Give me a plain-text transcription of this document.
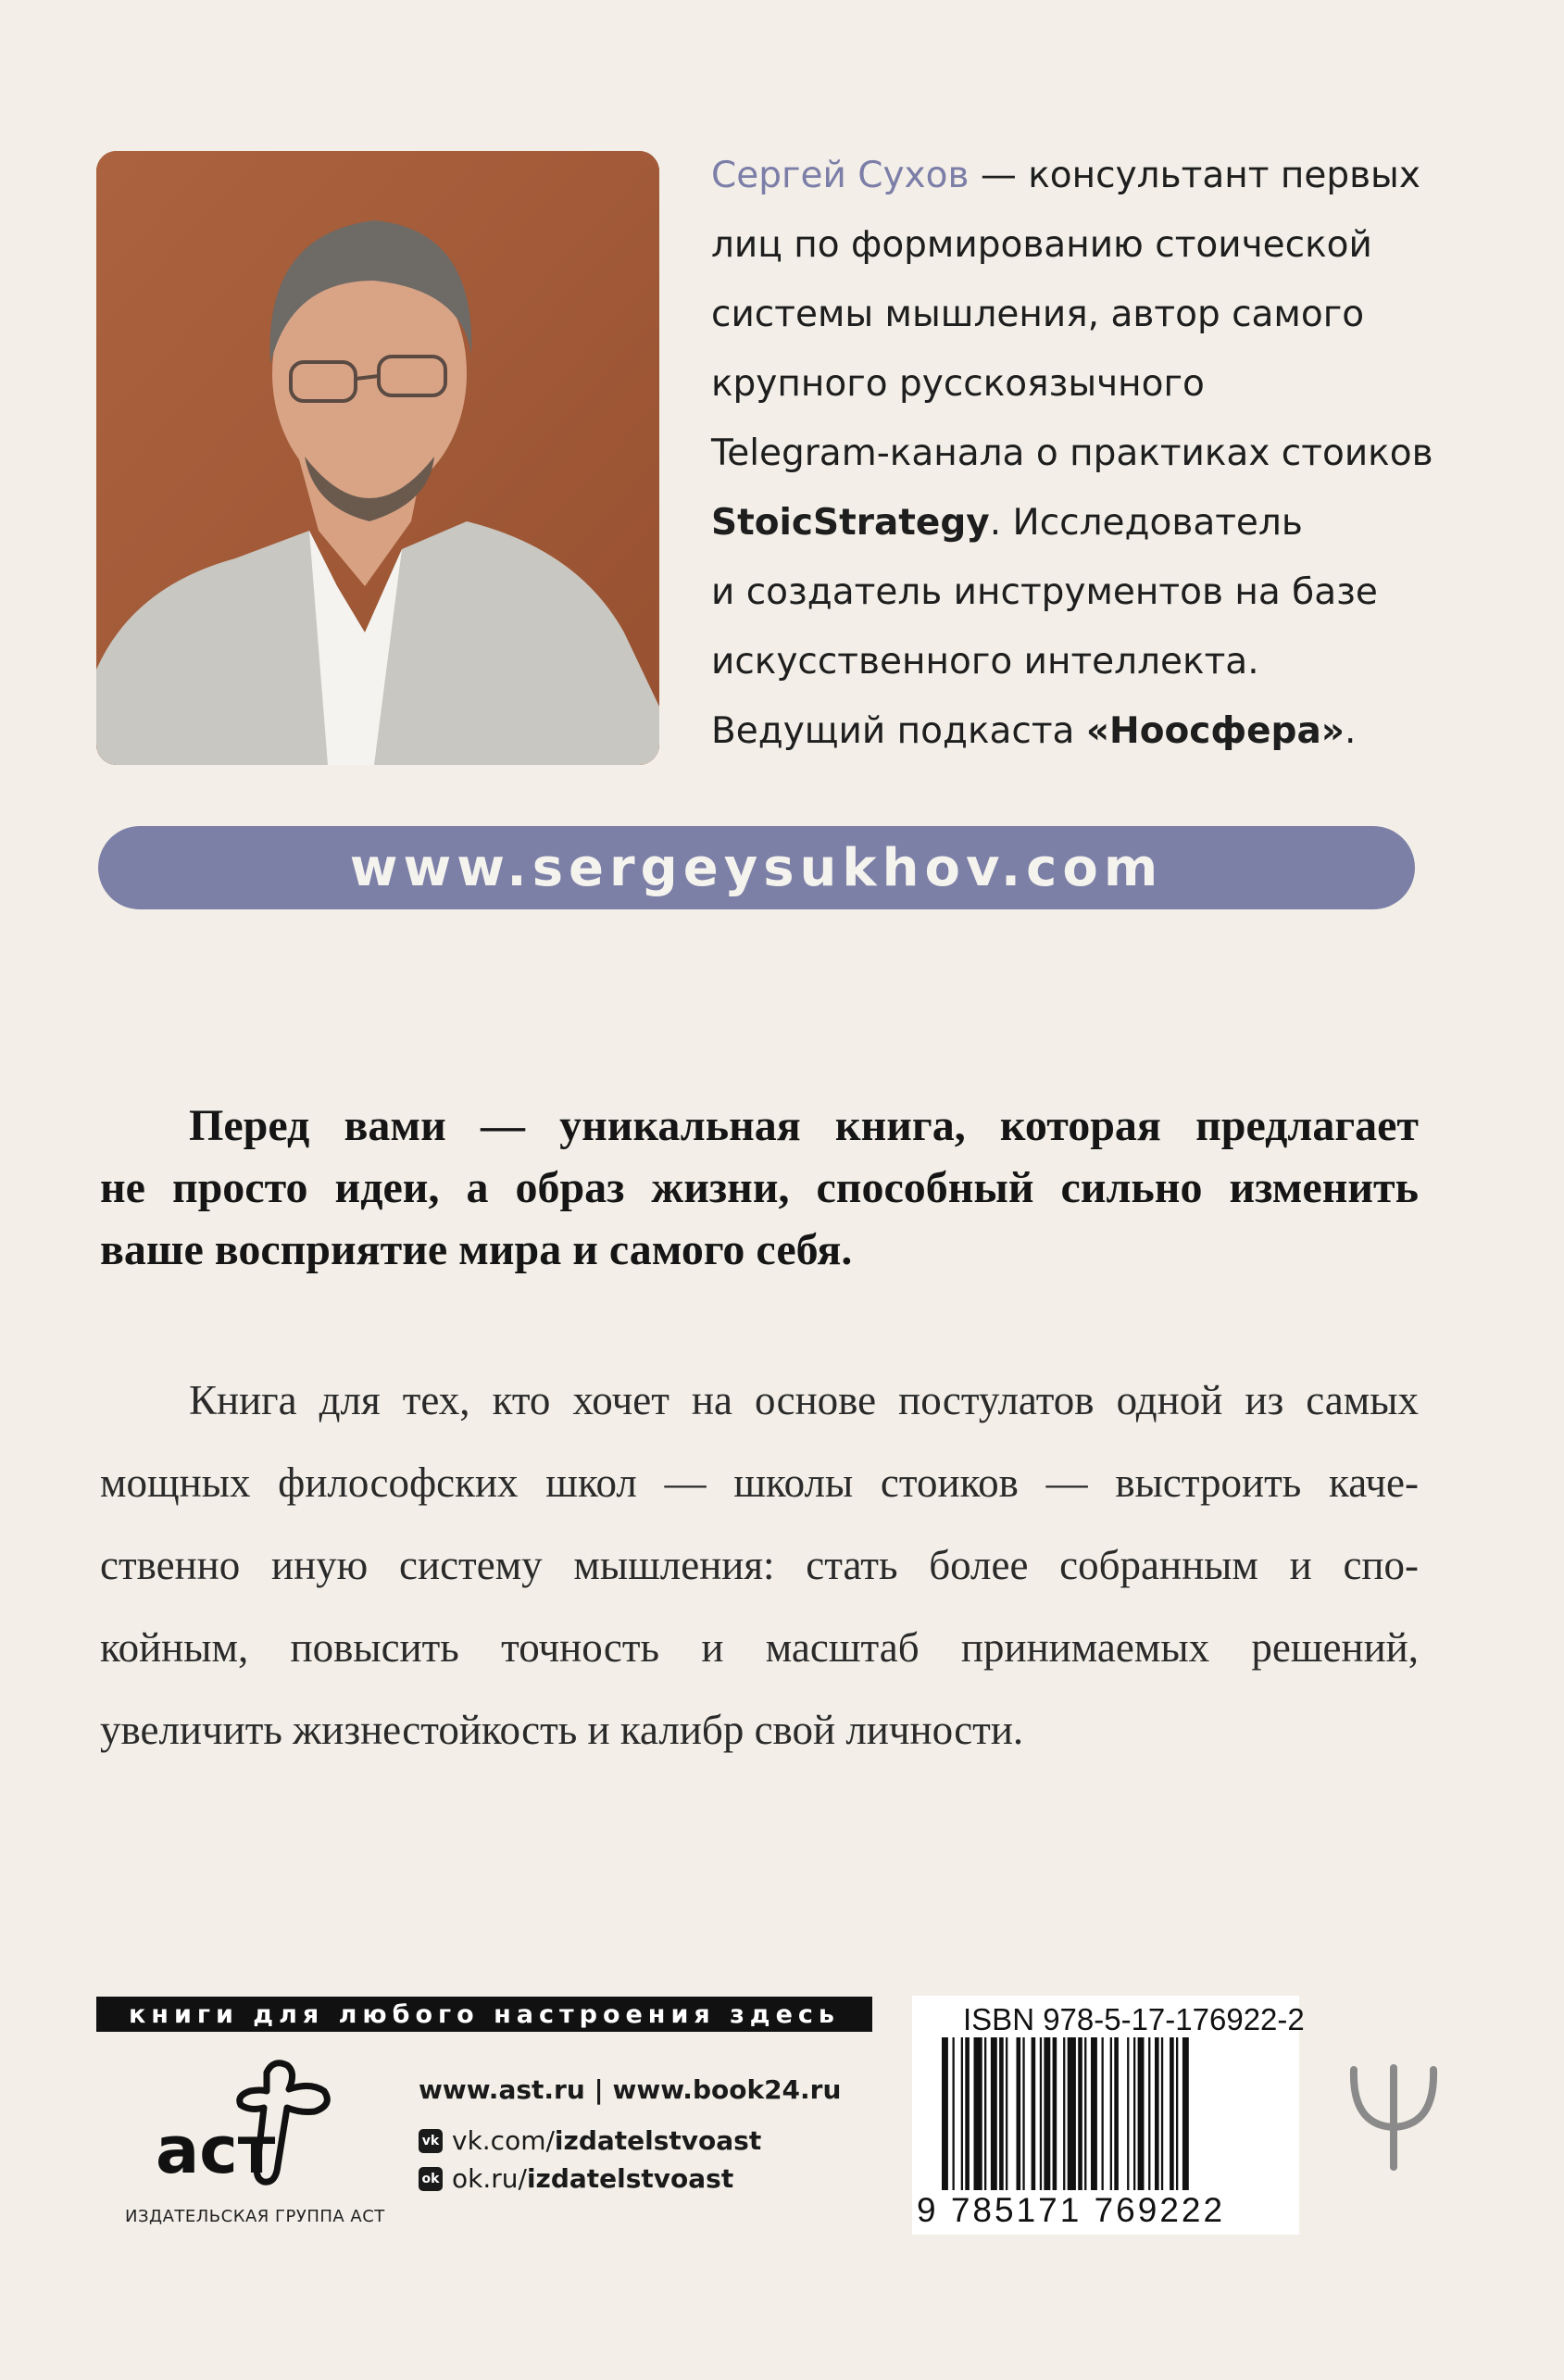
Сергей Сухов — консультант первых

лиц по формированию стоической

системы мышления, автор самого

крупного русскоязычного

Telegram-канала о практиках стоиков

StoicStrategy. Исследователь

и создатель инструментов на базе

искусственного интеллекта.

Ведущий подкаста «Ноосфера».

www.sergeysukhov.com

Перед вами — уникальная книга, которая предлагает

не просто идеи, а образ жизни, способный сильно изменить

ваше восприятие мира и самого себя.

Книга для тех, кто хочет на основе постулатов одной из самых

мощных философских школ — школы стоиков — выстроить каче-

ственно иную систему мышления: стать более собранным и спо-

койным, повысить точность и масштаб принимаемых решений,

увеличить жизнестойкость и калибр свой личности.

книги для любого настроения здесь
аст
ИЗДАТЕЛЬСКАЯ ГРУППА АСТ
www.ast.ru | www.book24.ru
vk vk.com/ izdatelstvoast
ok ok.ru/ izdatelstvoast
ISBN 978-5-17-176922-2
9 785171 769222
